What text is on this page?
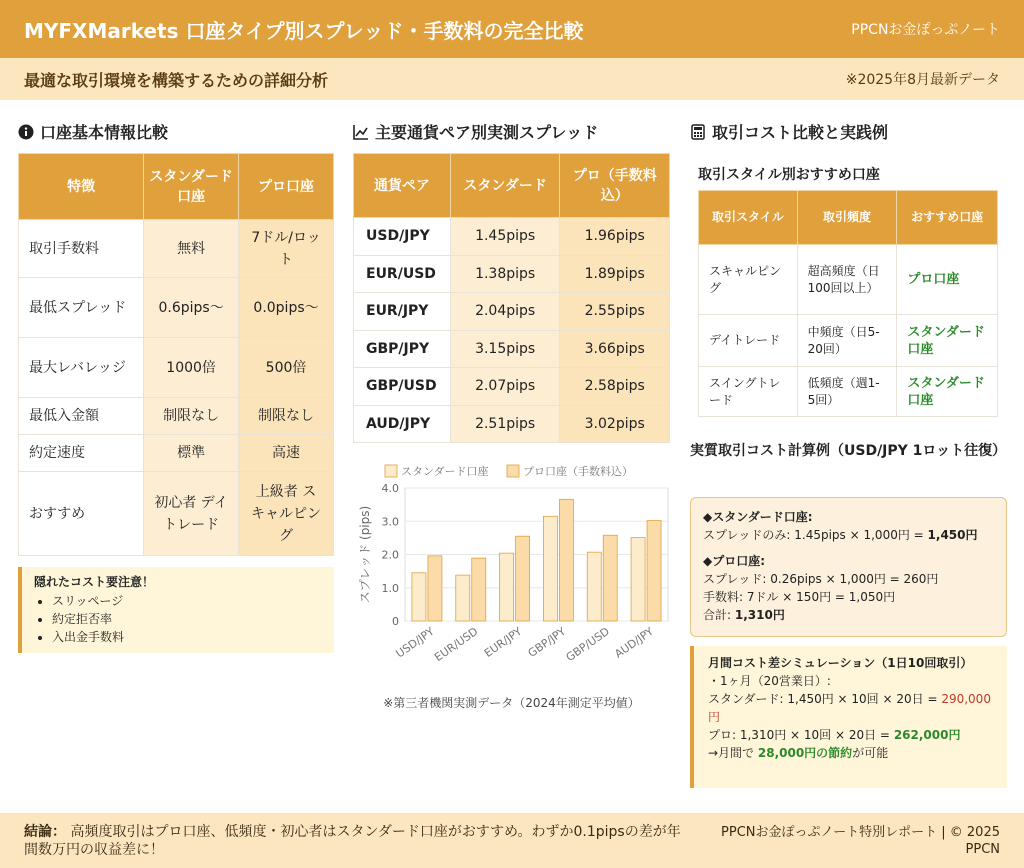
MYFXMarkets 口座タイプ別スプレッド・手数料の完全比較	PPCNお金ぽっぷノート
最適な取引環境を構築するための詳細分析	※2025年8月最新データ
口座基本情報比較
特徴	スタンダード口座	プロ口座
取引手数料	無料	7ドル/ロット
最低スプレッド	0.6pips〜	0.0pips〜
最大レバレッジ	1000倍	500倍
最低入金額	制限なし	制限なし
約定速度	標準	高速
おすすめ	初心者 デイトレード	上級者 スキャルピング
隠れたコスト要注意！
• スリッページ
• 約定拒否率
• 入出金手数料
主要通貨ペア別実測スプレッド
通貨ペア	スタンダード	プロ（手数料込）
USD/JPY	1.45pips	1.96pips
EUR/USD	1.38pips	1.89pips
EUR/JPY	2.04pips	2.55pips
GBP/JPY	3.15pips	3.66pips
GBP/USD	2.07pips	2.58pips
AUD/JPY	2.51pips	3.02pips
0
1.0
2.0
3.0
4.0
スプレッド (pips)
USD/JPY
EUR/USD EUR/JPY GBP/JPY
GBP/USD AUD/JPY
スタンダード口座	プロ口座（手数料込）
※第三者機関実測データ（2024年測定平均値）
取引コスト比較と実践例
取引スタイル別おすすめ口座
取引スタイル	取引頻度	おすすめ口座
スキャルピング	超高頻度（日100回以上）	プロ口座
デイトレード	中頻度（日5-20回）	スタンダード口座
スイングトレード	低頻度（週1-5回）	スタンダード口座
実質取引コスト計算例（USD/JPY 1ロット往復）
◆スタンダード口座:
スプレッドのみ: 1.45pips × 1,000円 = 1,450円
◆プロ口座:
スプレッド: 0.26pips × 1,000円 = 260円
手数料: 7ドル × 150円 = 1,050円
合計: 1,310円
月間コスト差シミュレーション（1日10回取引）
・1ヶ月（20営業日）:
スタンダード: 1,450円 × 10回 × 20日 = 290,000円
プロ: 1,310円 × 10回 × 20日 = 262,000円
→月間で 28,000円の節約が可能
結論： 高頻度取引はプロ口座、低頻度・初心者はスタンダード口座がおすすめ。わずか0.1pipsの差が年間数万円の収益差に！
PPCNお金ぽっぷノート特別レポート | © 2025 PPCN
